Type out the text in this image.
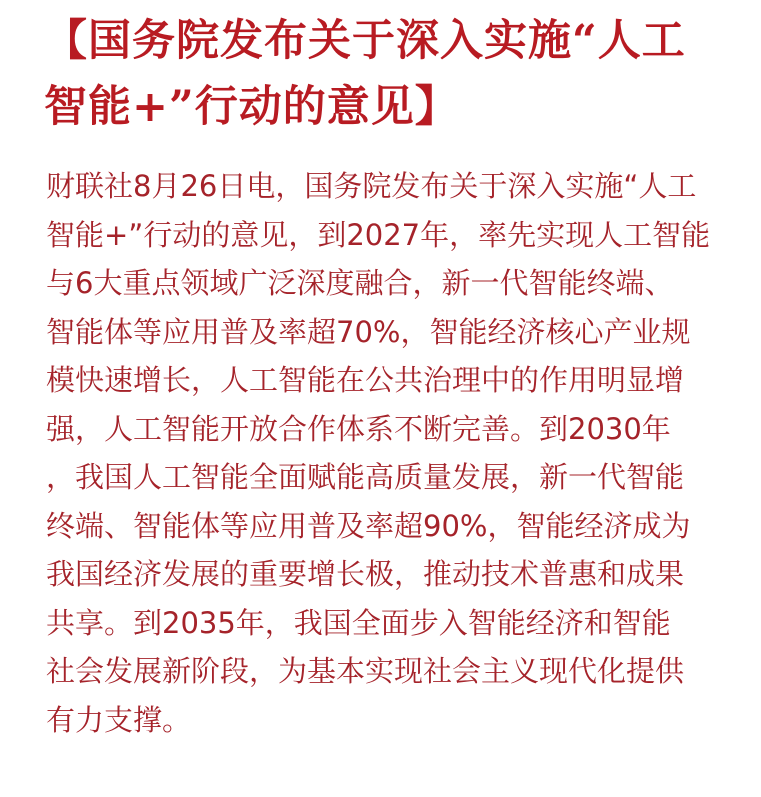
【国务院发布关于深入实施“人工
智能+”行动的意见】
财联社8月26日电，国务院发布关于深入实施“人工
智能+”行动的意见，到2027年，率先实现人工智能
与6大重点领域广泛深度融合，新一代智能终端、
智能体等应用普及率超70%，智能经济核心产业规
模快速增长，人工智能在公共治理中的作用明显增
强，人工智能开放合作体系不断完善。到2030年
，我国人工智能全面赋能高质量发展，新一代智能
终端、智能体等应用普及率超90%，智能经济成为
我国经济发展的重要增长极，推动技术普惠和成果
共享。到2035年，我国全面步入智能经济和智能
社会发展新阶段，为基本实现社会主义现代化提供
有力支撑。
